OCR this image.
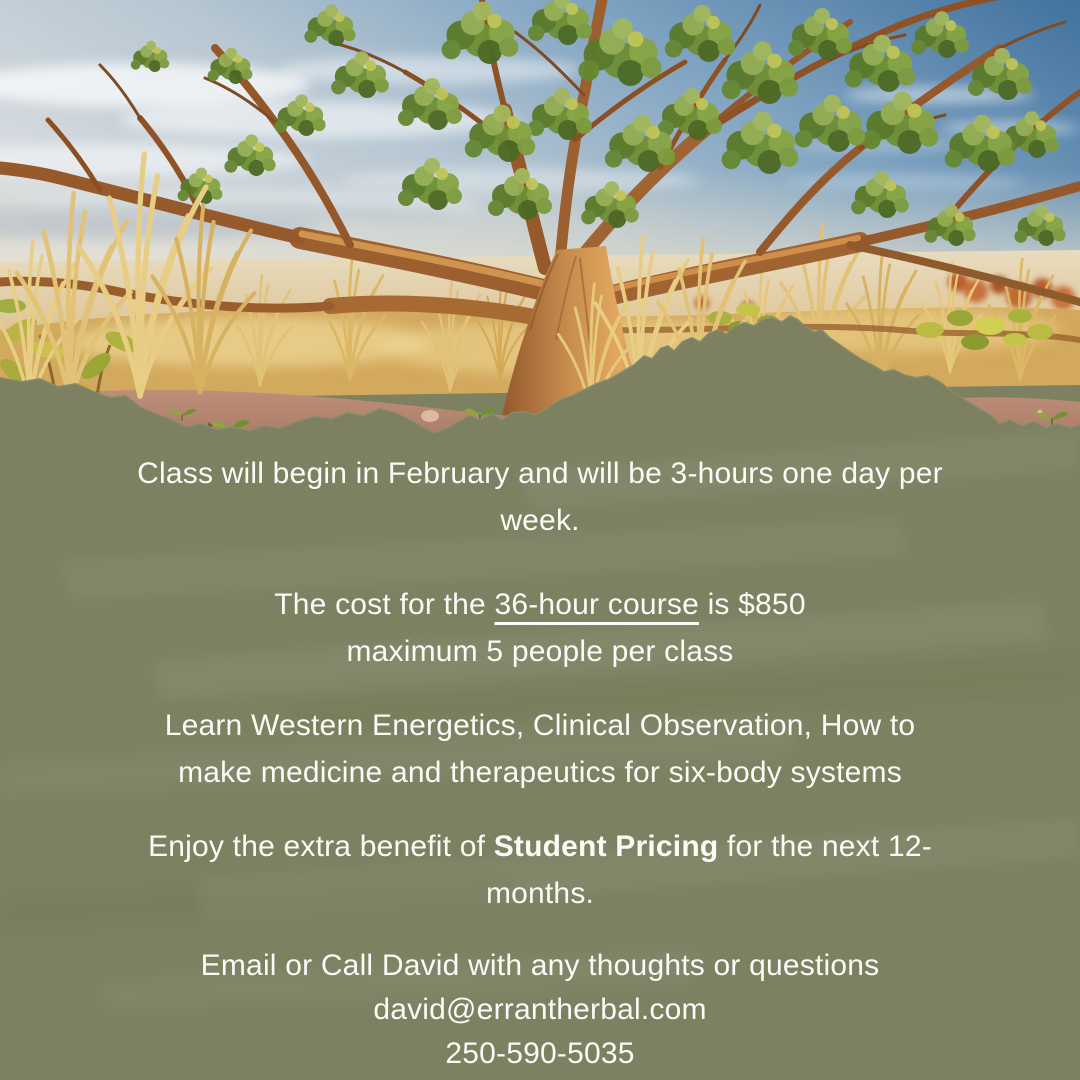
Class will begin in February and will be 3-hours one day per
week.
The cost for the 36-hour course is $850
maximum 5 people per class
Learn Western Energetics, Clinical Observation, How to
make medicine and therapeutics for six-body systems
Enjoy the extra benefit of Student Pricing for the next 12-
months.
Email or Call David with any thoughts or questions
david@errantherbal.com
250-590-5035
